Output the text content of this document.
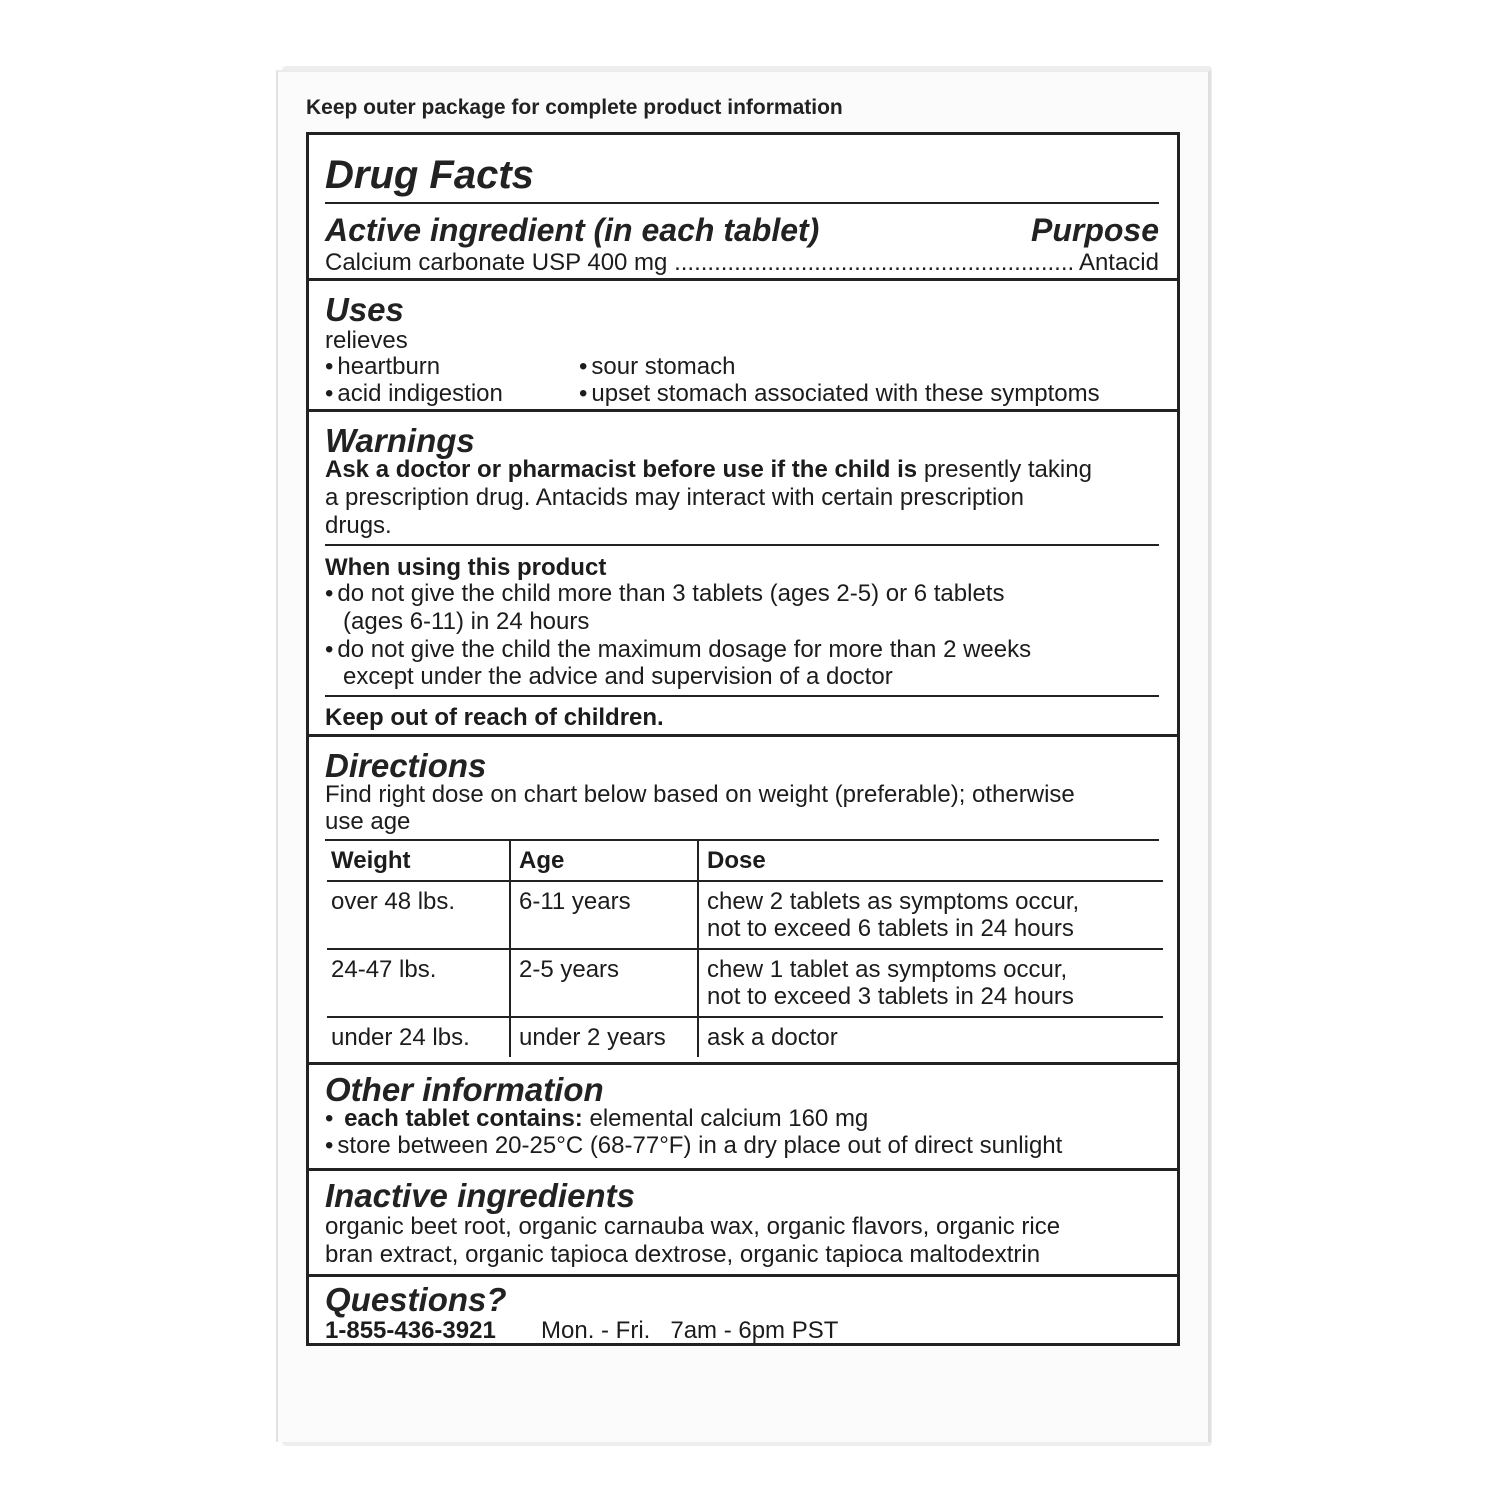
Keep outer package for complete product information
Drug Facts
Active ingredient (in each tablet)	Purpose
Calcium carbonate USP 400 mg ............................................................ Antacid
Uses
relieves
• heartburn
• acid indigestion
• sour stomach
• upset stomach associated with these symptoms
Warnings
Ask a doctor or pharmacist before use if the child is presently taking
a prescription drug. Antacids may interact with certain prescription
drugs.
When using this product
• do not give the child more than 3 tablets (ages 2-5) or 6 tablets
(ages 6-11) in 24 hours
• do not give the child the maximum dosage for more than 2 weeks
except under the advice and supervision of a doctor
Keep out of reach of children.
Directions
Find right dose on chart below based on weight (preferable); otherwise
use age
Weight	Age	Dose
over 48 lbs.	6-11 years	chew 2 tablets as symptoms occur,
not to exceed 6 tablets in 24 hours
24-47 lbs.	2-5 years	chew 1 tablet as symptoms occur,
not to exceed 3 tablets in 24 hours
under 24 lbs.	under 2 years	ask a doctor
Other information
• each tablet contains: elemental calcium 160 mg
• store between 20-25°C (68-77°F) in a dry place out of direct sunlight
Inactive ingredients
organic beet root, organic carnauba wax, organic flavors, organic rice
bran extract, organic tapioca dextrose, organic tapioca maltodextrin
Questions?
1-855-436-3921 Mon. - Fri.   7am - 6pm PST
